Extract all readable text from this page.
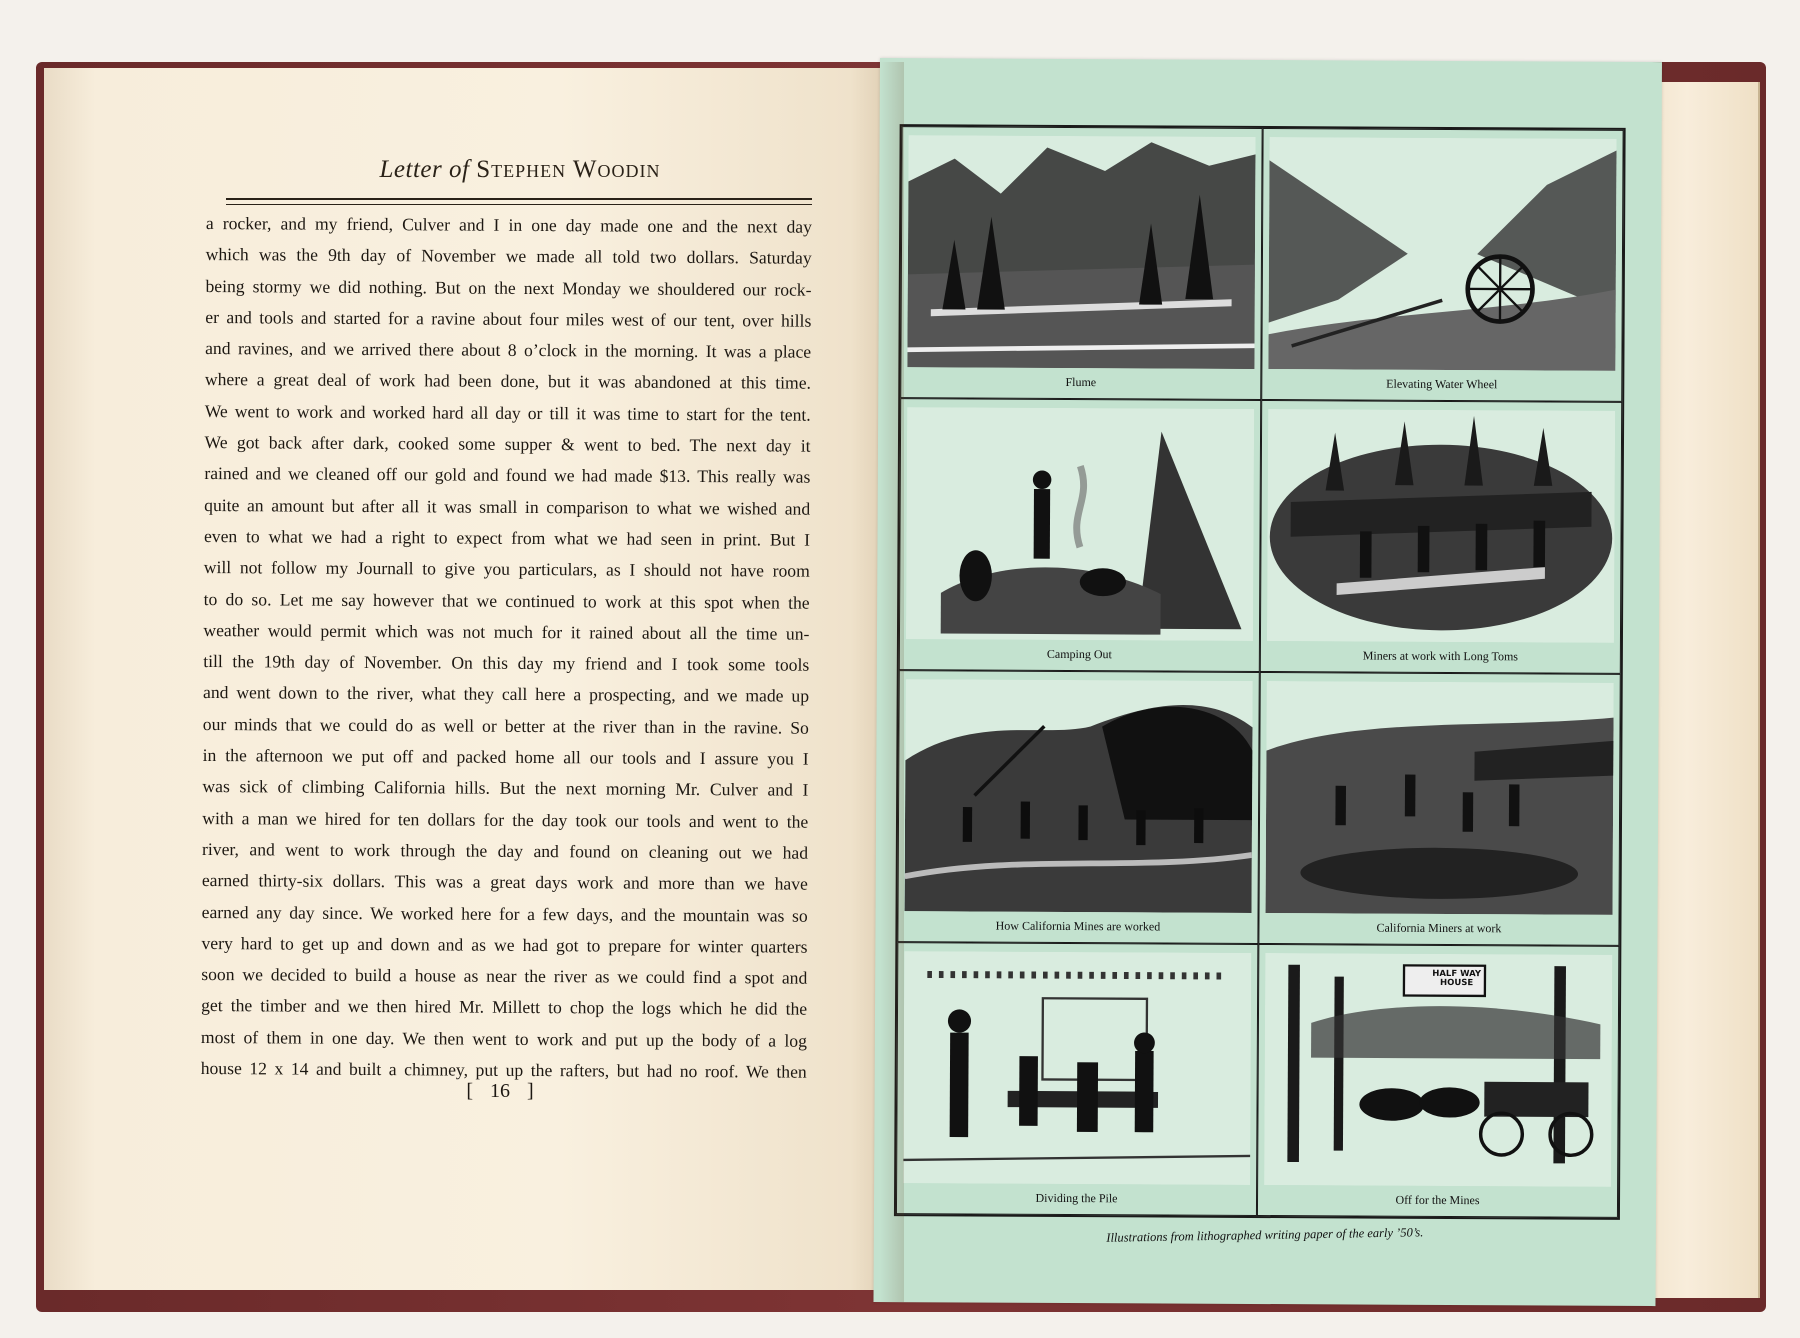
Letter of Stephen Woodin
a rocker, and my friend, Culver and I in one day made one and the next day
which was the 9th day of November we made all told two dollars. Saturday
being stormy we did nothing. But on the next Monday we shouldered our rock-
er and tools and started for a ravine about four miles west of our tent, over hills
and ravines, and we arrived there about 8 o’clock in the morning. It was a place
where a great deal of work had been done, but it was abandoned at this time.
We went to work and worked hard all day or till it was time to start for the tent.
We got back after dark, cooked some supper & went to bed. The next day it
rained and we cleaned off our gold and found we had made $13. This really was
quite an amount but after all it was small in comparison to what we wished and
even to what we had a right to expect from what we had seen in print. But I
will not follow my Journall to give you particulars, as I should not have room
to do so. Let me say however that we continued to work at this spot when the
weather would permit which was not much for it rained about all the time un-
till the 19th day of November. On this day my friend and I took some tools
and went down to the river, what they call here a prospecting, and we made up
our minds that we could do as well or better at the river than in the ravine. So
in the afternoon we put off and packed home all our tools and I assure you I
was sick of climbing California hills. But the next morning Mr. Culver and I
with a man we hired for ten dollars for the day took our tools and went to the
river, and went to work through the day and found on cleaning out we had
earned thirty-six dollars. This was a great days work and more than we have
earned any day since. We worked here for a few days, and the mountain was so
very hard to get up and down and as we had got to prepare for winter quarters
soon we decided to build a house as near the river as we could find a spot and
get the timber and we then hired Mr. Millett to chop the logs which he did the
most of them in one day. We then went to work and put up the body of a log
house 12 x 14 and built a chimney, put up the rafters, but had no roof. We then
[ 16 ]
Flume	Elevating Water Wheel
Camping Out	Miners at work with Long Toms
How California Mines are worked	California Miners at work
Dividing the Pile
HALF WAY HOUSE
Off for the Mines
Illustrations from lithographed writing paper of the early ’50’s.
